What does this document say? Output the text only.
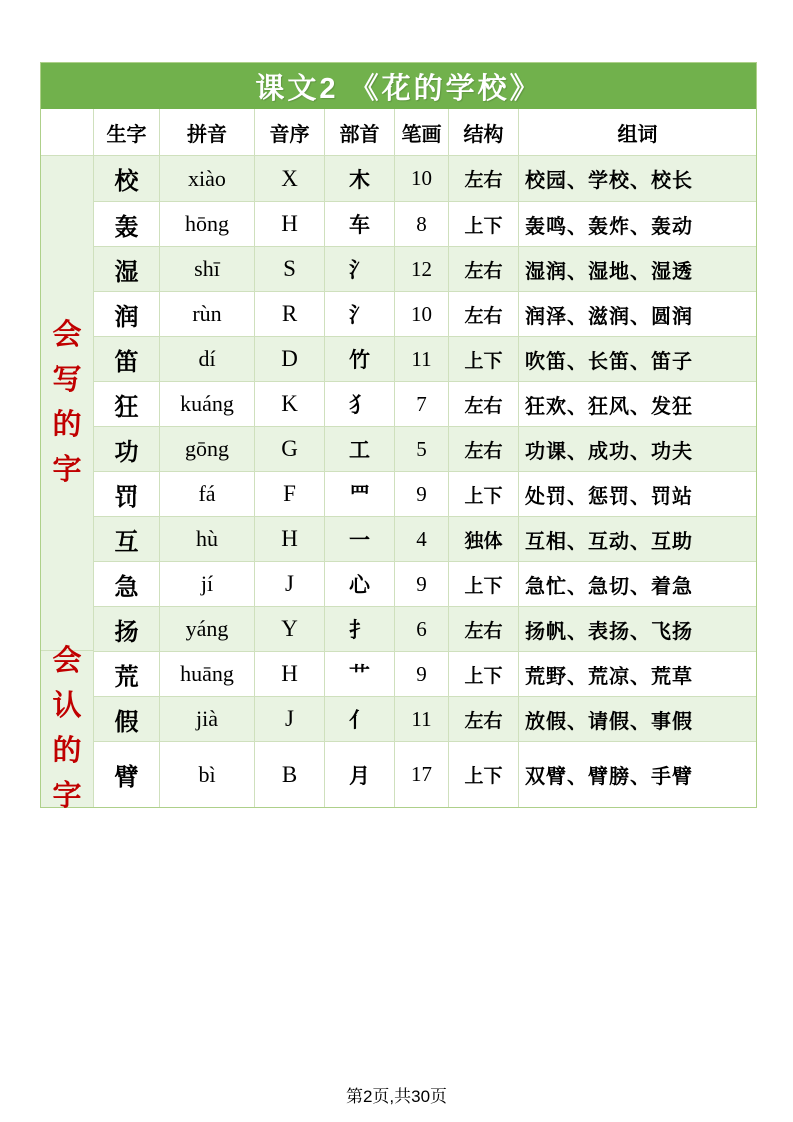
课文2 《花的学校》
会写的字
会认的字
生字	拼音	音序	部首	笔画	结构	组词
校	xiào	X	木	10	左右	校园、学校、校长
轰	hōng	H	车	8	上下	轰鸣、轰炸、轰动
湿	shī	S	氵	12	左右	湿润、湿地、湿透
润	rùn	R	氵	10	左右	润泽、滋润、圆润
笛	dí	D	竹	11	上下	吹笛、长笛、笛子
狂	kuáng	K	犭	7	左右	狂欢、狂风、发狂
功	gōng	G	工	5	左右	功课、成功、功夫
罚	fá	F	罒	9	上下	处罚、惩罚、罚站
互	hù	H	一	4	独体	互相、互动、互助
急	jí	J	心	9	上下	急忙、急切、着急
扬	yáng	Y	扌	6	左右	扬帆、表扬、飞扬
荒	huāng	H	艹	9	上下	荒野、荒凉、荒草
假	jià	J	亻	11	左右	放假、请假、事假
臂	bì	B	月	17	上下	双臂、臂膀、手臂
第2页,共30页
